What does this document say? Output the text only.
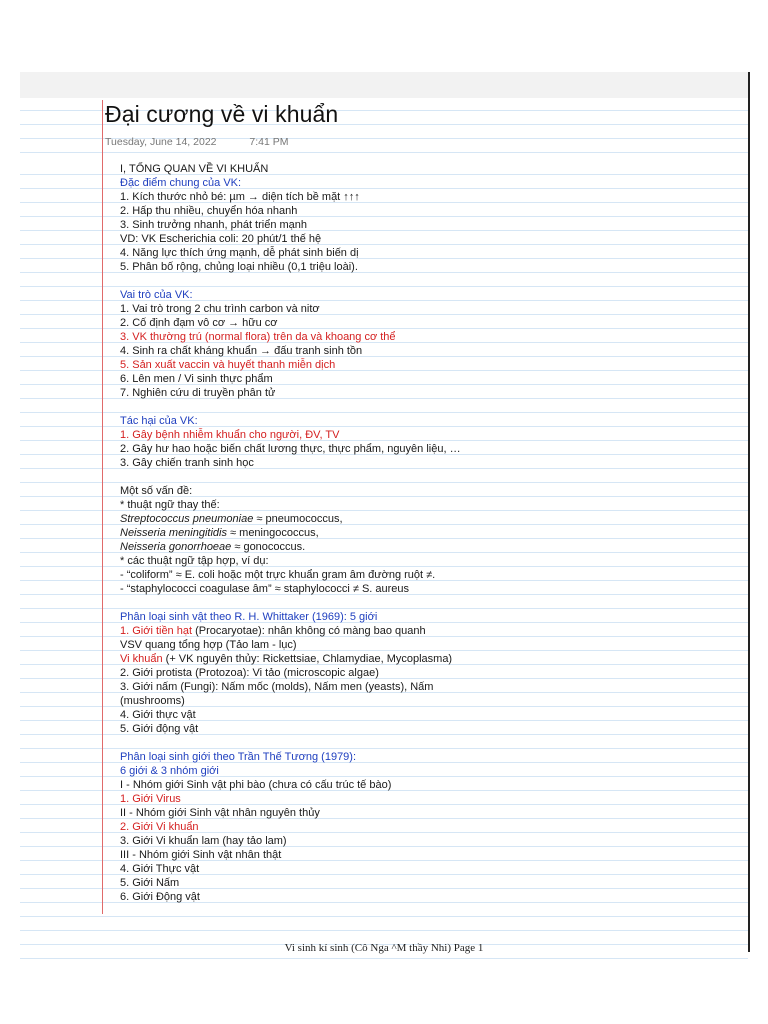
Đại cương về vi khuẩn
Tuesday, June 14, 2022	7:41 PM
I, TỔNG QUAN VỀ VI KHUẨN
Đặc điểm chung của VK:
1. Kích thước nhỏ bé: µm → diện tích bề mặt ↑↑↑
2. Hấp thu nhiều, chuyển hóa nhanh
3. Sinh trưởng nhanh, phát triển mạnh
VD: VK Escherichia coli: 20 phút/1 thế hệ
4. Năng lực thích ứng mạnh, dễ phát sinh biến dị
5. Phân bố rộng, chủng loại nhiều (0,1 triệu loài).
Vai trò của VK:
1. Vai trò trong 2 chu trình carbon và nitơ
2. Cố định đạm vô cơ → hữu cơ
3. VK thường trú (normal flora) trên da và khoang cơ thể
4. Sinh ra chất kháng khuẩn → đấu tranh sinh tồn
5. Sản xuất vaccin và huyết thanh miễn dịch
6. Lên men / Vi sinh thực phẩm
7. Nghiên cứu di truyền phân tử
Tác hại của VK:
1. Gây bệnh nhiễm khuẩn cho người, ĐV, TV
2. Gây hư hao hoặc biến chất lương thực, thực phẩm, nguyên liệu, …
3. Gây chiến tranh sinh học
Một số vấn đề:
* thuật ngữ thay thế:
Streptococcus pneumoniae ≈ pneumococcus,
Neisseria meningitidis ≈ meningococcus,
Neisseria gonorrhoeae ≈ gonococcus.
* các thuật ngữ tập hợp, ví dụ:
- “coliform” ≈ E. coli hoặc một trực khuẩn gram âm đường ruột ≠.
- “staphylococci coagulase âm” ≈ staphylococci ≠ S. aureus
Phân loại sinh vật theo R. H. Whittaker (1969): 5 giới
1. Giới tiền hạt (Procaryotae): nhân không có màng bao quanh
VSV quang tổng hợp (Tảo lam - lục)
Vi khuẩn (+ VK nguyên thủy: Rickettsiae, Chlamydiae, Mycoplasma)
2. Giới protista (Protozoa): Vi tảo (microscopic algae)
3. Giới nấm (Fungi): Nấm mốc (molds), Nấm men (yeasts), Nấm
(mushrooms)
4. Giới thực vật
5. Giới động vật
Phân loại sinh giới theo Trần Thế Tương (1979):
6 giới & 3 nhóm giới
I - Nhóm giới Sinh vật phi bào (chưa có cấu trúc tế bào)
1. Giới Virus
II - Nhóm giới Sinh vật nhân nguyên thủy
2. Giới Vi khuẩn
3. Giới Vi khuẩn lam (hay tảo lam)
III - Nhóm giới Sinh vật nhân thật
4. Giới Thực vật
5. Giới Nấm
6. Giới Động vật
Vi sinh kí sinh (Cô Nga ^M thầy Nhi) Page 1
